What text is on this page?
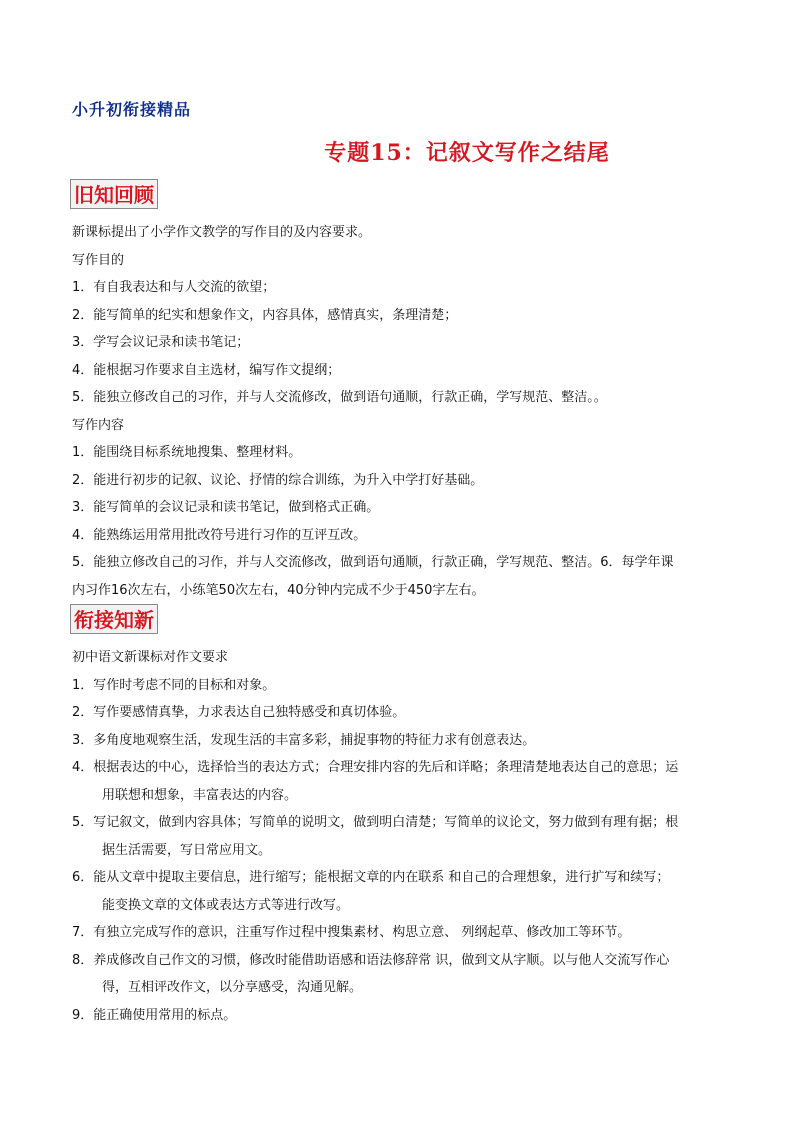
小升初衔接精品
专题15：记叙文写作之结尾
旧知回顾
新课标提出了小学作文教学的写作目的及内容要求。
写作目的
1．有自我表达和与人交流的欲望；
2．能写简单的纪实和想象作文，内容具体，感情真实，条理清楚；
3．学写会议记录和读书笔记；
4．能根据习作要求自主选材，编写作文提纲；
5．能独立修改自己的习作，并与人交流修改，做到语句通顺，行款正确，学写规范、整洁。。
写作内容
1．能围绕目标系统地搜集、整理材料。
2．能进行初步的记叙、议论、抒情的综合训练，为升入中学打好基础。
3．能写简单的会议记录和读书笔记，做到格式正确。
4．能熟练运用常用批改符号进行习作的互评互改。
5．能独立修改自己的习作，并与人交流修改，做到语句通顺，行款正确，学写规范、整洁。6．每学年课
内习作16次左右，小练笔50次左右，40分钟内完成不少于450字左右。
衔接知新
初中语文新课标对作文要求
1．写作时考虑不同的目标和对象。
2．写作要感情真挚，力求表达自己独特感受和真切体验。
3．多角度地观察生活，发现生活的丰富多彩，捕捉事物的特征力求有创意表达。
4．根据表达的中心，选择恰当的表达方式；合理安排内容的先后和详略；条理清楚地表达自己的意思；运
用联想和想象，丰富表达的内容。
5．写记叙文，做到内容具体；写简单的说明文，做到明白清楚；写简单的议论文，努力做到有理有据；根
据生活需要，写日常应用文。
6．能从文章中提取主要信息，进行缩写；能根据文章的内在联系 和自己的合理想象，进行扩写和续写；
能变换文章的文体或表达方式等进行改写。
7．有独立完成写作的意识，注重写作过程中搜集素材、构思立意、 列纲起草、修改加工等环节。
8．养成修改自己作文的习惯，修改时能借助语感和语法修辞常 识，做到文从字顺。以与他人交流写作心
得，互相评改作文，以分享感受，沟通见解。
9．能正确使用常用的标点。
